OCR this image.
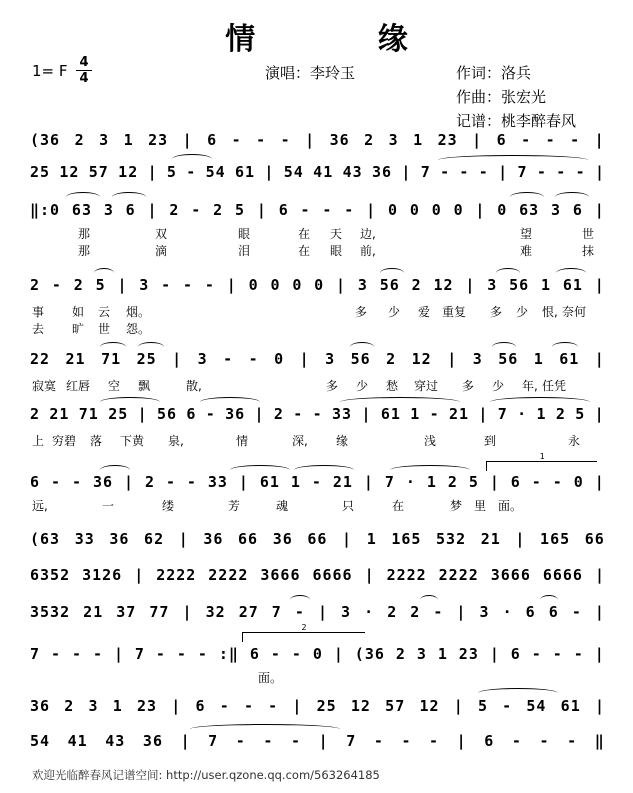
情 缘
1= F 4
4	演唱：李玲玉	作词：洛兵
作曲：张宏光
记谱：桃李醉春风
(36 2 3 1 23 | 6 - - - | 36 2 3 1 23 | 6 - - - |
25 12 57 12 | 5 - 54 61 | 54 41 43 36 | 7 - - - | 7 - - - |
‖:0 63 3 6 | 2 - 2 5 | 6 - - - | 0 0 0 0 | 0 63 3 6 |
那	双	眼	在 天 边,	望	世
那	滴	泪	在 眼 前,	难	抹
2 - 2 5 | 3 - - - | 0 0 0 0 | 3 56 2 12 | 3 56 1 61 |
事 如 云 烟。	多 少 爱 重复 多 少 恨, 奈何
去 旷 世 怨。
22 21 71 25 | 3 - - 0 | 3 56 2 12 | 3 56 1 61 |
寂寞 红唇 空 飘	散,	多 少 愁 穿过 多 少 年, 任凭
2 21 71 25 | 56 6 - 36 | 2 - - 33 | 61 1 - 21 | 7 · 1 2 5 |
上 穷碧 落 下黄 泉,	情	深, 缘	浅	到	永
6 - - 36 | 2 - - 33 | 61 1 - 21 | 7 · 1 2 5 | 6 - - 0 |
远,	一	缕	芳	魂	只	在	梦 里 面。
1
(63 33 36 62 | 36 66 36 66 | 1 165 532 21 | 165 66
6352 3126 | 2222 2222 3666 6666 | 2222 2222 3666 6666 |
3532 21 37 77 | 32 27 7 - | 3 · 2 2 - | 3 · 6 6 - |
7 - - - | 7 - - - :‖ 6 - - 0 | (36 2 3 1 23 | 6 - - - |
2
面。
36 2 3 1 23 | 6 - - - | 25 12 57 12 | 5 - 54 61 |
54 41 43 36 | 7 - - - | 7 - - - | 6 - - - ‖
欢迎光临醉春风记谱空间: http://user.qzone.qq.com/563264185
